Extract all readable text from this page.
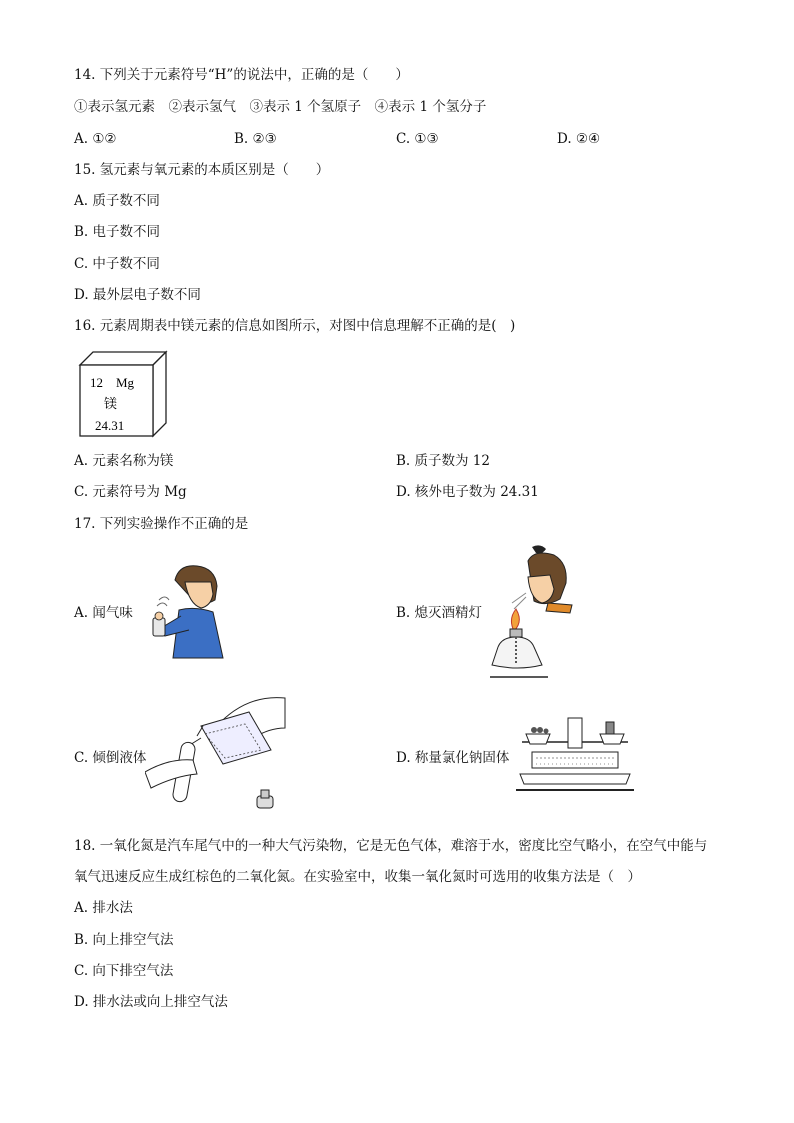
14. 下列关于元素符号“H”的说法中，正确的是（　　）
①表示氢元素　②表示氢气　③表示 1 个氢原子　④表示 1 个氢分子
A. ①②	B. ②③	C. ①③	D. ②④
15. 氢元素与氧元素的本质区别是（　　）
A. 质子数不同
B. 电子数不同
C. 中子数不同
D. 最外层电子数不同
16. 元素周期表中镁元素的信息如图所示，对图中信息理解不正确的是(　)
12 Mg
镁
24.31
A. 元素名称为镁	B. 质子数为 12
C. 元素符号为 Mg	D. 核外电子数为 24.31
17. 下列实验操作不正确的是
A. 闻气味	B. 熄灭酒精灯
C. 倾倒液体	D. 称量氯化钠固体
18. 一氧化氮是汽车尾气中的一种大气污染物，它是无色气体，难溶于水，密度比空气略小，在空气中能与
氧气迅速反应生成红棕色的二氧化氮。在实验室中，收集一氧化氮时可选用的收集方法是（　）
A. 排水法
B. 向上排空气法
C. 向下排空气法
D. 排水法或向上排空气法
